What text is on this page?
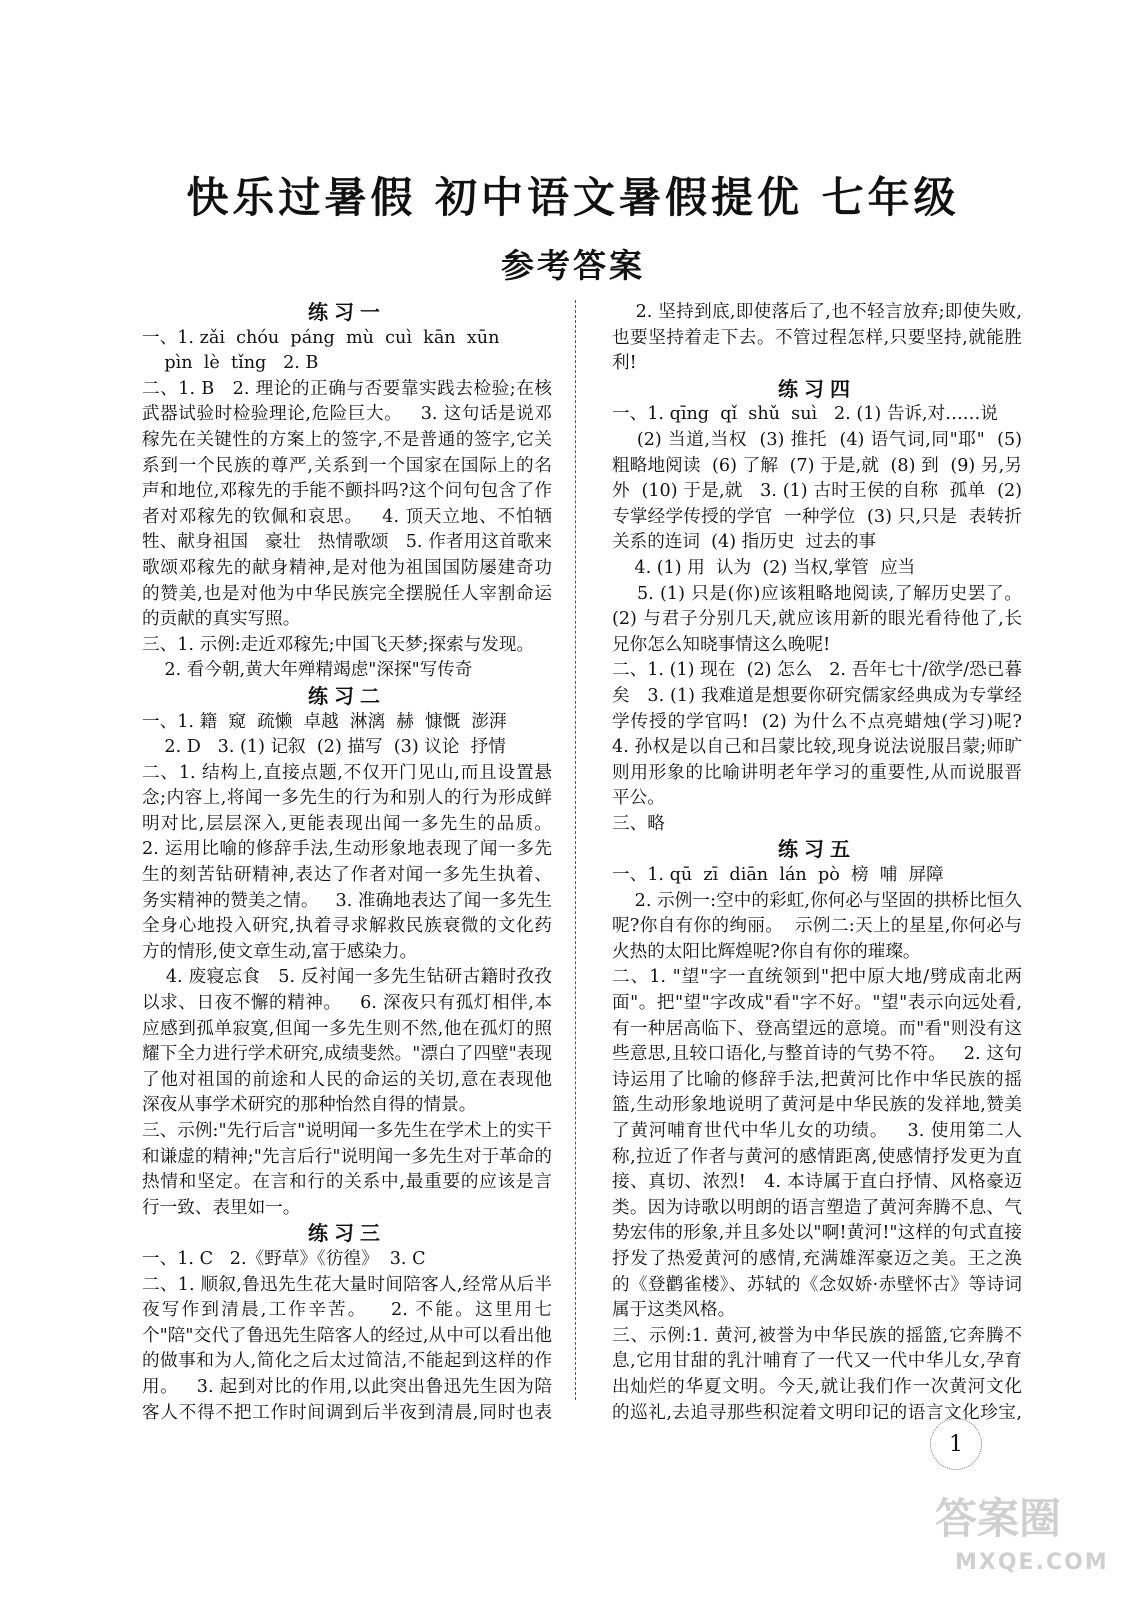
快乐过暑假 初中语文暑假提优 七年级
参考答案
练习一
一、1. zǎi  chóu  páng  mù  cuì  kān  xūn
pìn  lè  tǐng   2. B
二、1. B   2. 理论的正确与否要靠实践去检验;在核武器试验时检验理论,危险巨大。   3. 这句话是说邓稼先在关键性的方案上的签字,不是普通的签字,它关系到一个民族的尊严,关系到一个国家在国际上的名声和地位,邓稼先的手能不颤抖吗?这个问句包含了作者对邓稼先的钦佩和哀思。   4. 顶天立地、不怕牺牲、献身祖国   豪壮   热情歌颂   5. 作者用这首歌来歌颂邓稼先的献身精神,是对他为祖国国防屡建奇功的赞美,也是对他为中华民族完全摆脱任人宰割命运的贡献的真实写照。
三、1. 示例:走近邓稼先;中国飞天梦;探索与发现。
2. 看今朝,黄大年殚精竭虑"深探"写传奇
练习二
一、1. 籍  窥  疏懒  卓越  淋漓  赫  慷慨  澎湃
2. D   3. (1) 记叙  (2) 描写  (3) 议论  抒情
二、1. 结构上,直接点题,不仅开门见山,而且设置悬念;内容上,将闻一多先生的行为和别人的行为形成鲜明对比,层层深入,更能表现出闻一多先生的品质。   2. 运用比喻的修辞手法,生动形象地表现了闻一多先生的刻苦钻研精神,表达了作者对闻一多先生执着、务实精神的赞美之情。   3. 准确地表达了闻一多先生全身心地投入研究,执着寻求解救民族衰微的文化药方的情形,使文章生动,富于感染力。
4. 废寝忘食   5. 反衬闻一多先生钻研古籍时孜孜以求、日夜不懈的精神。   6. 深夜只有孤灯相伴,本应感到孤单寂寞,但闻一多先生则不然,他在孤灯的照耀下全力进行学术研究,成绩斐然。"漂白了四壁"表现了他对祖国的前途和人民的命运的关切,意在表现他深夜从事学术研究的那种怡然自得的情景。
三、示例:"先行后言"说明闻一多先生在学术上的实干和谦虚的精神;"先言后行"说明闻一多先生对于革命的热情和坚定。在言和行的关系中,最重要的应该是言行一致、表里如一。
练习三
一、1. C   2.《野草》《彷徨》  3. C
二、1. 顺叙,鲁迅先生花大量时间陪客人,经常从后半夜写作到清晨,工作辛苦。   2. 不能。这里用七个"陪"交代了鲁迅先生陪客人的经过,从中可以看出他的做事和为人,简化之后太过简洁,不能起到这样的作用。   3. 起到对比的作用,以此突出鲁迅先生因为陪客人不得不把工作时间调到后半夜到清晨,同时也表
2. 坚持到底,即使落后了,也不轻言放弃;即使失败,也要坚持着走下去。不管过程怎样,只要坚持,就能胜利!
练习四
一、1. qīng  qǐ  shǔ  suì   2. (1) 告诉,对……说
(2) 当道,当权  (3) 推托  (4) 语气词,同"耶"  (5) 粗略地阅读  (6) 了解  (7) 于是,就  (8) 到  (9) 另,另外  (10) 于是,就   3. (1) 古时王侯的自称  孤单  (2) 专掌经学传授的学官  一种学位  (3) 只,只是  表转折关系的连词  (4) 指历史  过去的事
4. (1) 用  认为  (2) 当权,掌管  应当
5. (1) 只是(你)应该粗略地阅读,了解历史罢了。  (2) 与君子分别几天,就应该用新的眼光看待他了,长兄你怎么知晓事情这么晚呢!
二、1. (1) 现在  (2) 怎么   2. 吾年七十/欲学/恐已暮矣   3. (1) 我难道是想要你研究儒家经典成为专掌经学传授的学官吗!  (2) 为什么不点亮蜡烛(学习)呢?   4. 孙权是以自己和吕蒙比较,现身说法说服吕蒙;师旷则用形象的比喻讲明老年学习的重要性,从而说服晋平公。
三、略
练习五
一、1. qū  zī  diān  lán  pò  榜  哺  屏障
2. 示例一:空中的彩虹,你何必与坚固的拱桥比恒久呢?你自有你的绚丽。  示例二:天上的星星,你何必与火热的太阳比辉煌呢?你自有你的璀璨。
二、1. "望"字一直统领到"把中原大地/劈成南北两面"。把"望"字改成"看"字不好。"望"表示向远处看,有一种居高临下、登高望远的意境。而"看"则没有这些意思,且较口语化,与整首诗的气势不符。   2. 这句诗运用了比喻的修辞手法,把黄河比作中华民族的摇篮,生动形象地说明了黄河是中华民族的发祥地,赞美了黄河哺育世代中华儿女的功绩。   3. 使用第二人称,拉近了作者与黄河的感情距离,使感情抒发更为直接、真切、浓烈!   4. 本诗属于直白抒情、风格豪迈类。因为诗歌以明朗的语言塑造了黄河奔腾不息、气势宏伟的形象,并且多处以"啊!黄河!"这样的句式直接抒发了热爱黄河的感情,充满雄浑豪迈之美。王之涣的《登鹳雀楼》、苏轼的《念奴娇·赤壁怀古》等诗词属于这类风格。
三、示例:1. 黄河,被誉为中华民族的摇篮,它奔腾不息,它用甘甜的乳汁哺育了一代又一代中华儿女,孕育出灿烂的华夏文明。今天,就让我们作一次黄河文化的巡礼,去追寻那些积淀着文明印记的语言文化珍宝,
1
答案圈
MXQE.COM
